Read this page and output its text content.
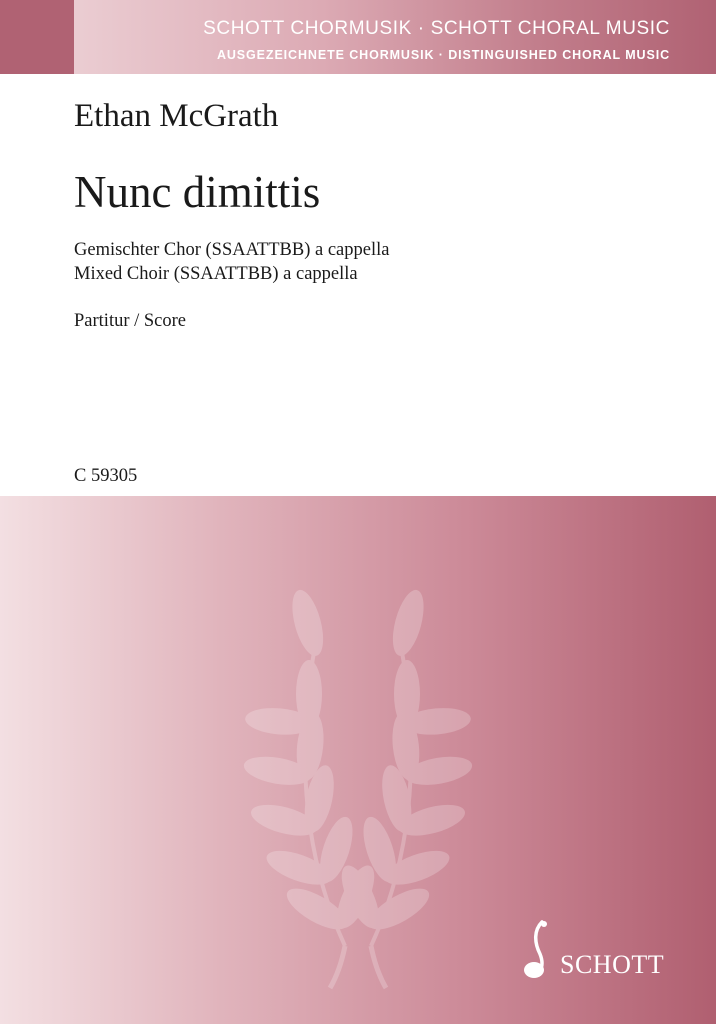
SCHOTT CHORMUSIK · SCHOTT CHORAL MUSIC

AUSGEZEICHNETE CHORMUSIK · DISTINGUISHED CHORAL MUSIC

Ethan McGrath
Nunc dimittis

Gemischter Chor (SSAATTBB) a cappella

Mixed Choir (SSAATTBB) a cappella

Partitur / Score

C 59305

SCHOTT
